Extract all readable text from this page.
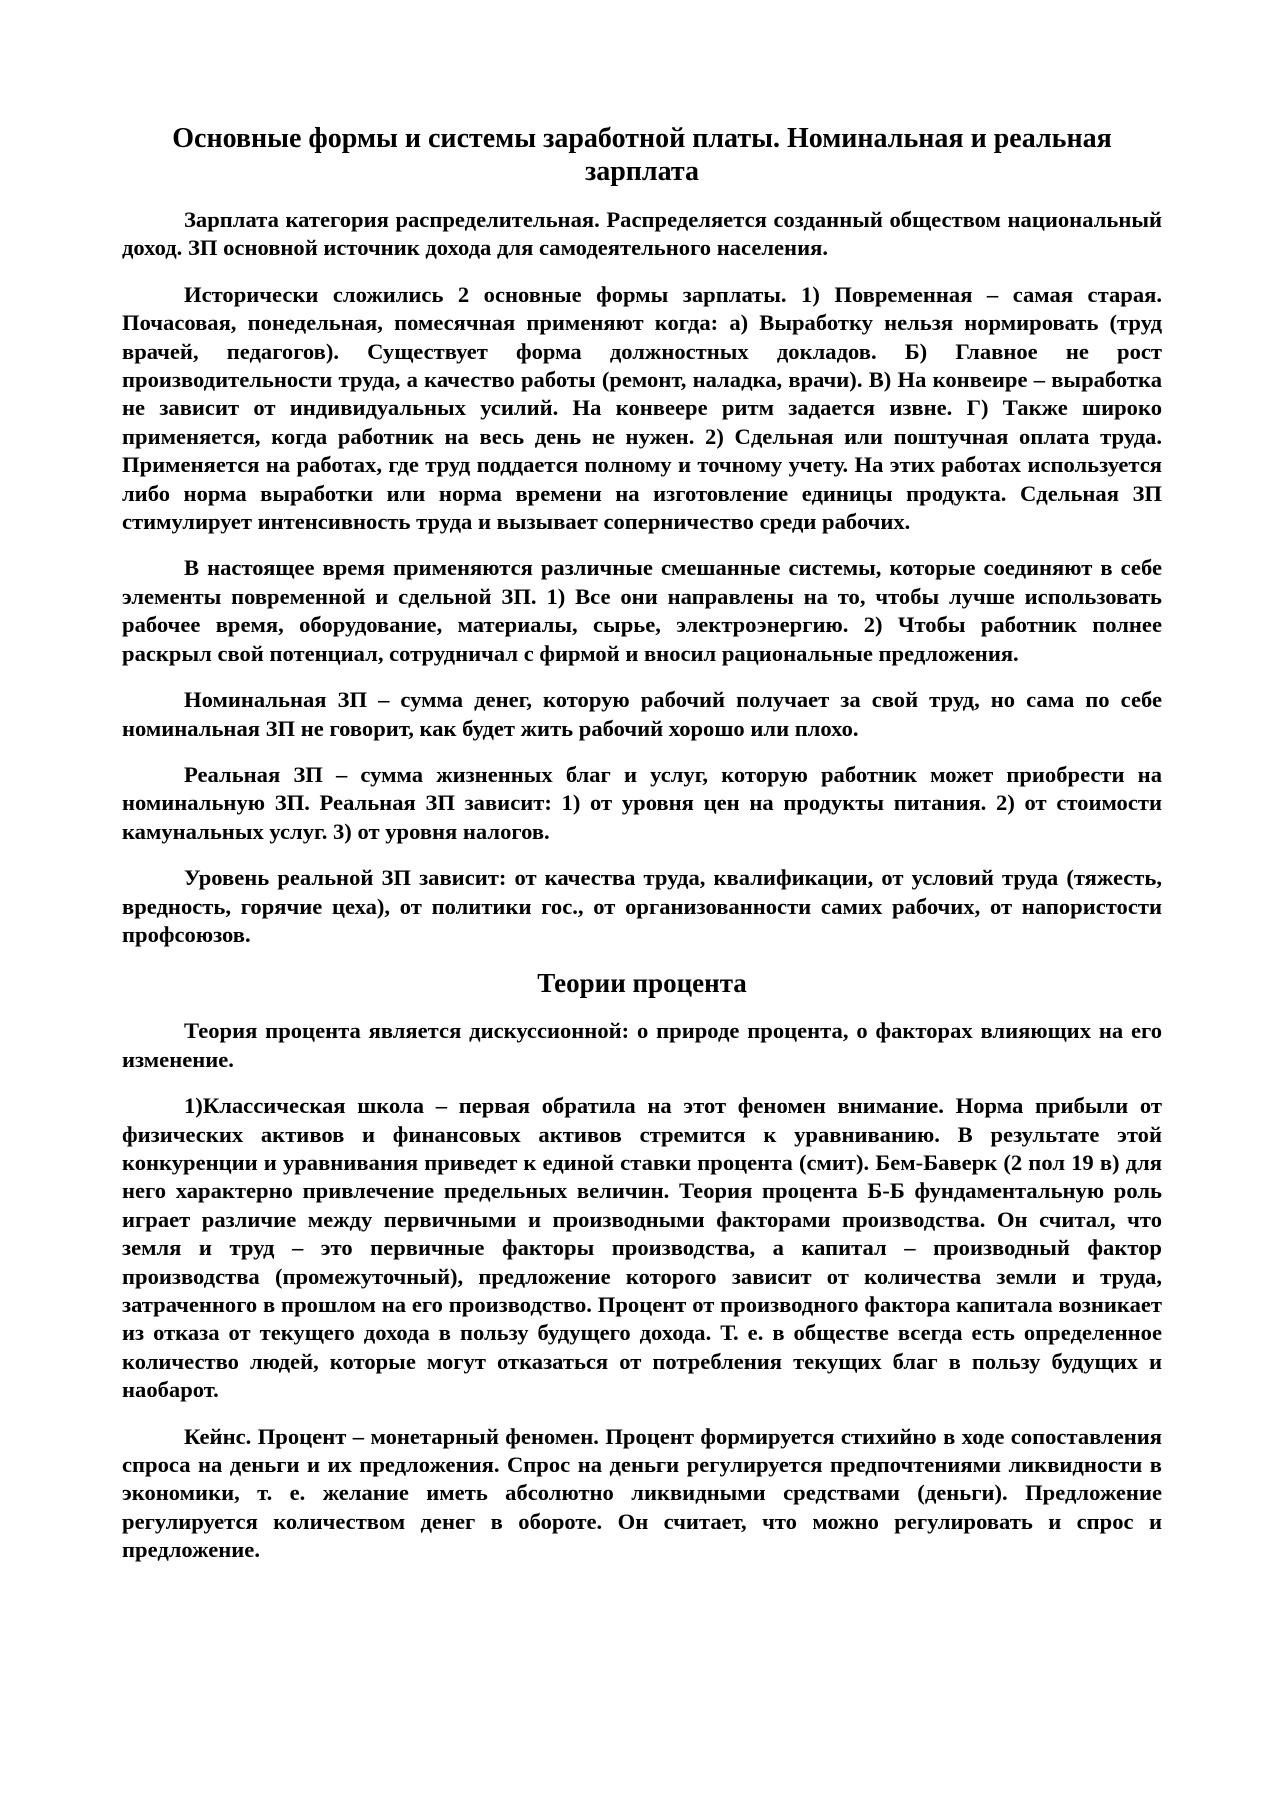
Основные формы и системы заработной платы. Номинальная и реальная зарплата

Зарплата категория распределительная. Распределяется созданный обществом национальный доход. ЗП основной источник дохода для самодеятельного населения.

Исторически сложились 2 основные формы зарплаты. 1) Повременная – самая старая. Почасовая, понедельная, помесячная применяют когда: а) Выработку нельзя нормировать (труд врачей, педагогов). Существует форма должностных докладов. Б) Главное не рост производительности труда, а качество работы (ремонт, наладка, врачи). В) На конвеире – выработка не зависит от индивидуальных усилий. На конвеере ритм задается извне. Г) Также широко применяется, когда работник на весь день не нужен. 2) Сдельная или поштучная оплата труда. Применяется на работах, где труд поддается полному и точному учету. На этих работах используется либо норма выработки или норма времени на изготовление единицы продукта. Сдельная ЗП стимулирует интенсивность труда и вызывает соперничество среди рабочих.

В настоящее время применяются различные смешанные системы, которые соединяют в себе элементы повременной и сдельной ЗП. 1) Все они направлены на то, чтобы лучше использовать рабочее время, оборудование, материалы, сырье, электроэнергию. 2) Чтобы работник полнее раскрыл свой потенциал, сотрудничал с фирмой и вносил рациональные предложения.

Номинальная ЗП – сумма денег, которую рабочий получает за свой труд, но сама по себе номинальная ЗП не говорит, как будет жить рабочий хорошо или плохо.

Реальная ЗП – сумма жизненных благ и услуг, которую работник может приобрести на номинальную ЗП. Реальная ЗП зависит: 1) от уровня цен на продукты питания. 2) от стоимости камунальных услуг. 3) от уровня налогов.

Уровень реальной ЗП зависит: от качества труда, квалификации, от условий труда (тяжесть, вредность, горячие цеха), от политики гос., от организованности самих рабочих, от напористости профсоюзов.

Теории процента

Теория процента является дискуссионной: о природе процента, о факторах влияющих на его изменение.

1)Классическая школа – первая обратила на этот феномен внимание. Норма прибыли от физических активов и финансовых активов стремится к уравниванию. В результате этой конкуренции и уравнивания приведет к единой ставки процента (смит). Бем-Баверк (2 пол 19 в) для него характерно привлечение предельных величин. Теория процента Б-Б фундаментальную роль играет различие между первичными и производными факторами производства. Он считал, что земля и труд – это первичные факторы производства, а капитал – производный фактор производства (промежуточный), предложение которого зависит от количества земли и труда, затраченного в прошлом на его производство. Процент от производного фактора капитала возникает из отказа от текущего дохода в пользу будущего дохода. Т. е. в обществе всегда есть определенное количество людей, которые могут отказаться от потребления текущих благ в пользу будущих и наобарот.

Кейнс. Процент – монетарный феномен. Процент формируется стихийно в ходе сопоставления спроса на деньги и их предложения. Спрос на деньги регулируется предпочтениями ликвидности в экономики, т. е. желание иметь абсолютно ликвидными средствами (деньги). Предложение регулируется количеством денег в обороте. Он считает, что можно регулировать и спрос и предложение.
